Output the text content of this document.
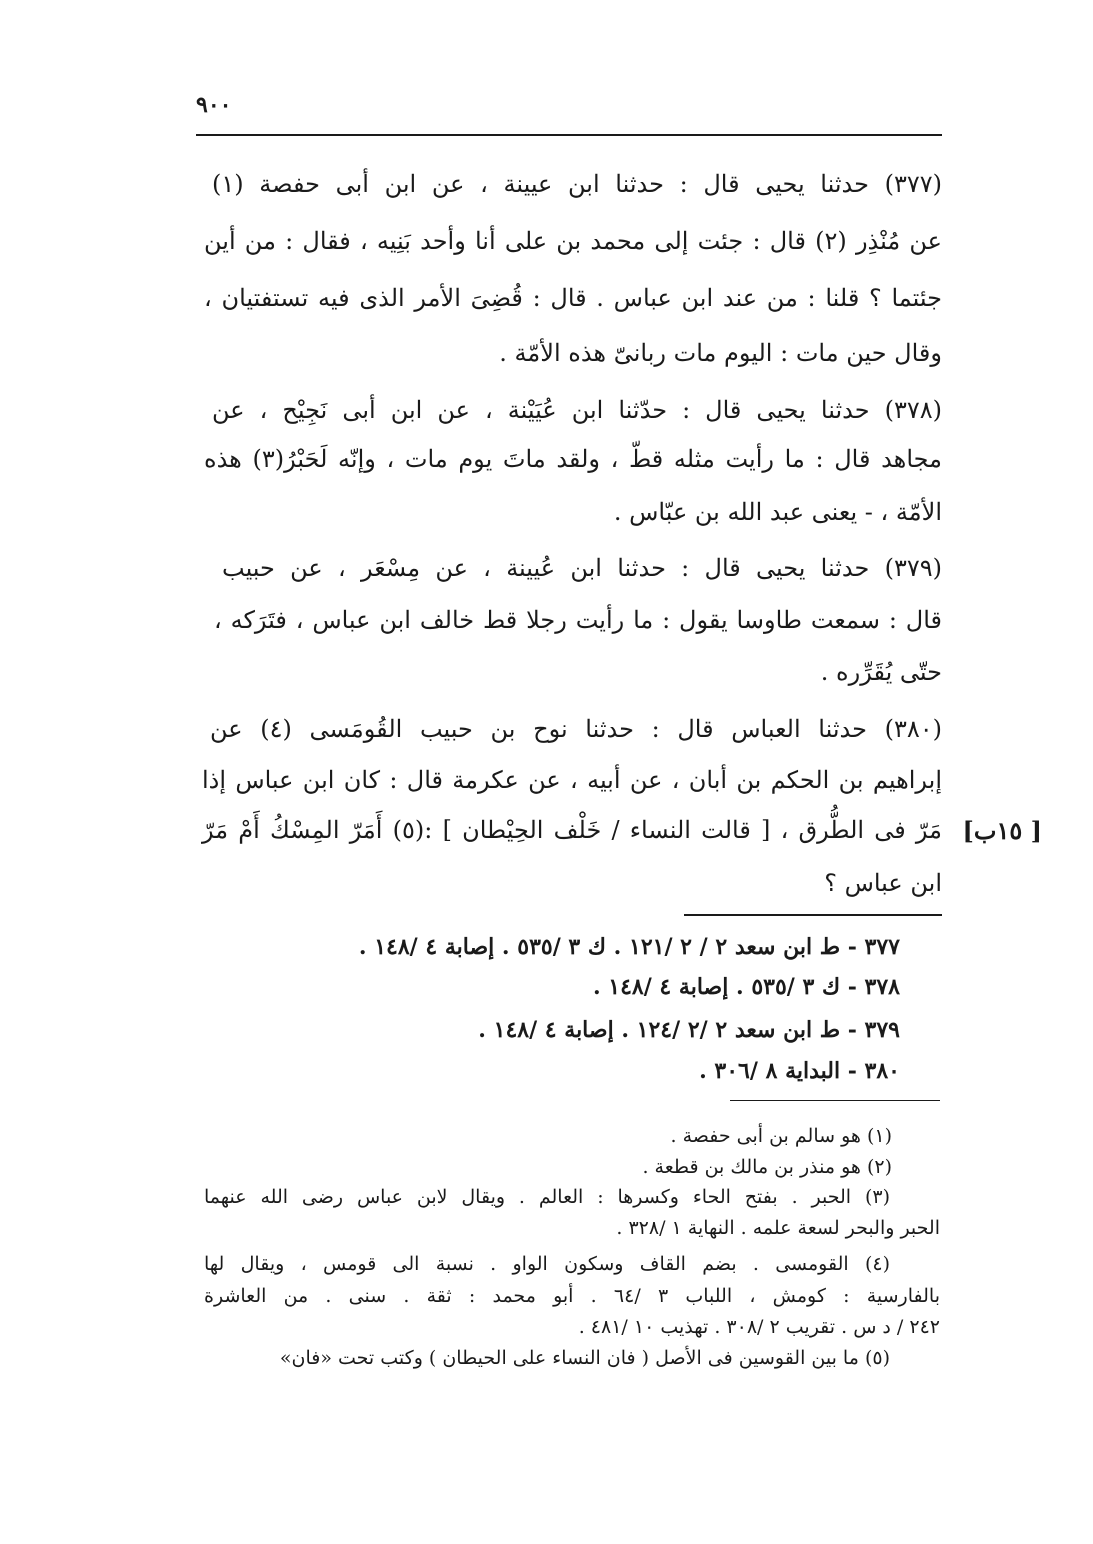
٩٠٠
(٣٧٧) حدثنا يحيى قال : حدثنا ابن عيينة ، عن ابن أبى حفصة (١)
عن مُنْذِر (٢) قال : جئت إلى محمد بن على أنا وأحد بَنِيه ، فقال : من أين
جئتما ؟ قلنا : من عند ابن عباس . قال : قُضِىَ الأمر الذى فيه تستفتيان ،
وقال حين مات : اليوم مات ربانىّ هذه الأمّة .
(٣٧٨) حدثنا يحيى قال : حدّثنا ابن عُيَيْنة ، عن ابن أبى نَجِيْح ، عن
مجاهد قال : ما رأيت مثله قطّ ، ولقد ماتَ يوم مات ، وإنّه لَحَبْرُ(٣) هذه
الأمّة ، - يعنى عبد الله بن عبّاس .
(٣٧٩) حدثنا يحيى قال : حدثنا ابن عُيينة ، عن مِسْعَر ، عن حبيب
قال : سمعت طاوسا يقول : ما رأيت رجلا قط خالف ابن عباس ، فتَرَكه ،
حتّى يُقَرِّره .
(٣٨٠) حدثنا العباس قال : حدثنا نوح بن حبيب القُومَسى (٤) عن
إبراهيم بن الحكم بن أبان ، عن أبيه ، عن عكرمة قال : كان ابن عباس إذا
مَرّ فى الطُّرق ، [ قالت النساء / خَلْف الحِيْطان ] :(٥) أَمَرّ المِسْكُ أَمْ مَرّ
ابن عباس ؟
[ ١٥ب]
٣٧٧ - ط ابن سعد ٢ / ٢ /١٢١ . ك ٣ /٥٣٥ . إصابة ٤ /١٤٨ .
٣٧٨ - ك ٣ /٥٣٥ . إصابة ٤ /١٤٨ .
٣٧٩ - ط ابن سعد ٢ /٢ /١٢٤ . إصابة ٤ /١٤٨ .
٣٨٠ - البداية ٨ /٣٠٦ .
(١) هو سالم بن أبى حفصة .
(٢) هو منذر بن مالك بن قطعة .
(٣) الحبر . بفتح الحاء وكسرها : العالم . ويقال لابن عباس رضى الله عنهما
الحبر والبحر لسعة علمه . النهاية ١ /٣٢٨ .
(٤) القومسى . بضم القاف وسكون الواو . نسبة الى قومس ، ويقال لها
بالفارسية : كومش ، اللباب ٣ /٦٤ . أبو محمد : ثقة . سنى . من العاشرة
٢٤٢ / د س . تقريب ٢ /٣٠٨ . تهذيب ١٠ /٤٨١ .
(٥) ما بين القوسين فى الأصل ( فان النساء على الحيطان ) وكتب تحت «فان»
